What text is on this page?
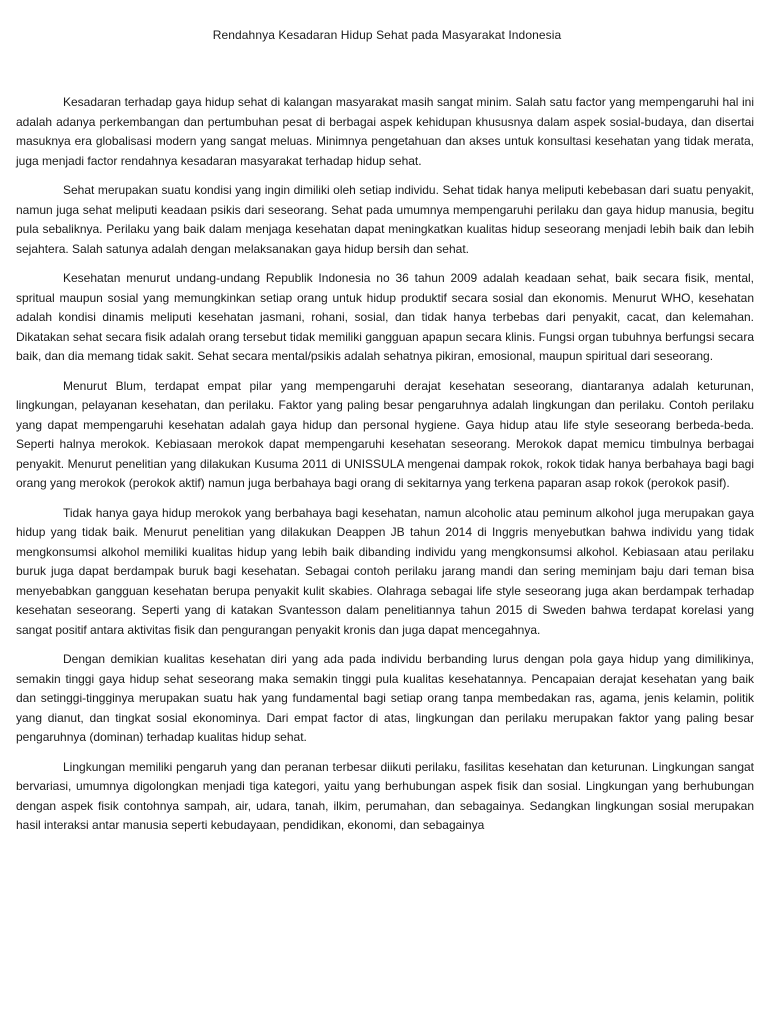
Rendahnya Kesadaran Hidup Sehat pada Masyarakat Indonesia

Kesadaran terhadap gaya hidup sehat di kalangan masyarakat masih sangat minim. Salah satu factor yang mempengaruhi hal ini adalah adanya perkembangan dan pertumbuhan pesat di berbagai aspek kehidupan khususnya dalam aspek sosial-budaya, dan disertai masuknya era globalisasi modern yang sangat meluas. Minimnya pengetahuan dan akses untuk konsultasi kesehatan yang tidak merata, juga menjadi factor rendahnya kesadaran masyarakat terhadap hidup sehat.

Sehat merupakan suatu kondisi yang ingin dimiliki oleh setiap individu. Sehat tidak hanya meliputi kebebasan dari suatu penyakit, namun juga sehat meliputi keadaan psikis dari seseorang. Sehat pada umumnya mempengaruhi perilaku dan gaya hidup manusia, begitu pula sebaliknya. Perilaku yang baik dalam menjaga kesehatan dapat meningkatkan kualitas hidup seseorang menjadi lebih baik dan lebih sejahtera. Salah satunya adalah dengan melaksanakan gaya hidup bersih dan sehat.

Kesehatan menurut undang-undang Republik Indonesia no 36 tahun 2009 adalah keadaan sehat, baik secara fisik, mental, spritual maupun sosial yang memungkinkan setiap orang untuk hidup produktif secara sosial dan ekonomis. Menurut WHO, kesehatan adalah kondisi dinamis meliputi kesehatan jasmani, rohani, sosial, dan tidak hanya terbebas dari penyakit, cacat, dan kelemahan. Dikatakan sehat secara fisik adalah orang tersebut tidak memiliki gangguan apapun secara klinis. Fungsi organ tubuhnya berfungsi secara baik, dan dia memang tidak sakit. Sehat secara mental/psikis adalah sehatnya pikiran, emosional, maupun spiritual dari seseorang.

Menurut Blum, terdapat empat pilar yang mempengaruhi derajat kesehatan seseorang, diantaranya adalah keturunan, lingkungan, pelayanan kesehatan, dan perilaku. Faktor yang paling besar pengaruhnya adalah lingkungan dan perilaku. Contoh perilaku yang dapat mempengaruhi kesehatan adalah gaya hidup dan personal hygiene. Gaya hidup atau life style seseorang berbeda-beda. Seperti halnya merokok. Kebiasaan merokok dapat mempengaruhi kesehatan seseorang. Merokok dapat memicu timbulnya berbagai penyakit. Menurut penelitian yang dilakukan Kusuma 2011 di UNISSULA mengenai dampak rokok, rokok tidak hanya berbahaya bagi bagi orang yang merokok (perokok aktif) namun juga berbahaya bagi orang di sekitarnya yang terkena paparan asap rokok (perokok pasif).

Tidak hanya gaya hidup merokok yang berbahaya bagi kesehatan, namun alcoholic atau peminum alkohol juga merupakan gaya hidup yang tidak baik. Menurut penelitian yang dilakukan Deappen JB tahun 2014 di Inggris menyebutkan bahwa individu yang tidak mengkonsumsi alkohol memiliki kualitas hidup yang lebih baik dibanding individu yang mengkonsumsi alkohol. Kebiasaan atau perilaku buruk juga dapat berdampak buruk bagi kesehatan. Sebagai contoh perilaku jarang mandi dan sering meminjam baju dari teman bisa menyebabkan gangguan kesehatan berupa penyakit kulit skabies. Olahraga sebagai life style seseorang juga akan berdampak terhadap kesehatan seseorang. Seperti yang di katakan Svantesson dalam penelitiannya tahun 2015 di Sweden bahwa terdapat korelasi yang sangat positif antara aktivitas fisik dan pengurangan penyakit kronis dan juga dapat mencegahnya.

Dengan demikian kualitas kesehatan diri yang ada pada individu berbanding lurus dengan pola gaya hidup yang dimilikinya, semakin tinggi gaya hidup sehat seseorang maka semakin tinggi pula kualitas kesehatannya. Pencapaian derajat kesehatan yang baik dan setinggi-tingginya merupakan suatu hak yang fundamental bagi setiap orang tanpa membedakan ras, agama, jenis kelamin, politik yang dianut, dan tingkat sosial ekonominya. Dari empat factor di atas, lingkungan dan perilaku merupakan faktor yang paling besar pengaruhnya (dominan) terhadap kualitas hidup sehat.

Lingkungan memiliki pengaruh yang dan peranan terbesar diikuti perilaku, fasilitas kesehatan dan keturunan. Lingkungan sangat bervariasi, umumnya digolongkan menjadi tiga kategori, yaitu yang berhubungan aspek fisik dan sosial. Lingkungan yang berhubungan dengan aspek fisik contohnya sampah, air, udara, tanah, ilkim, perumahan, dan sebagainya. Sedangkan lingkungan sosial merupakan hasil interaksi antar manusia seperti kebudayaan, pendidikan, ekonomi, dan sebagainya
